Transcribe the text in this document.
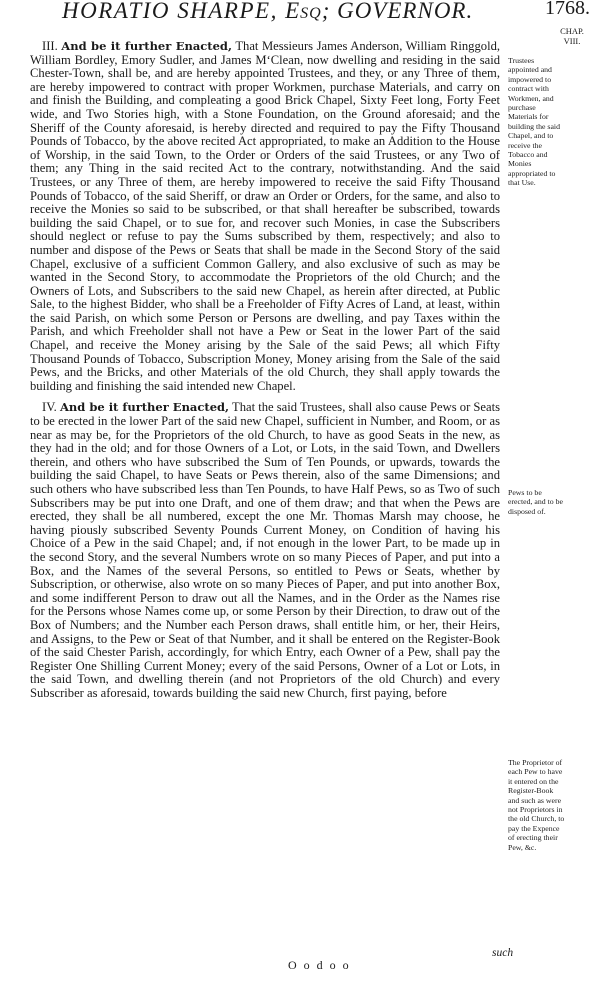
HORATIO SHARPE, Esq; GOVERNOR.	1768.
CHAP.
VIII.

III. And be it further Enacted, That Messieurs James Anderson, William Ringgold, William Bordley, Emory Sudler, and James M‘Clean, now dwelling and residing in the said Chester-Town, shall be, and are hereby appointed Trustees, and they, or any Three of them, are hereby impowered to contract with proper Workmen, purchase Materials, and carry on and finish the Building, and compleating a good Brick Chapel, Sixty Feet long, Forty Feet wide, and Two Stories high, with a Stone Foundation, on the Ground aforesaid; and the Sheriff of the County aforesaid, is hereby directed and required to pay the Fifty Thousand Pounds of Tobacco, by the above recited Act appropriated, to make an Addition to the House of Worship, in the said Town, to the Order or Orders of the said Trustees, or any Two of them; any Thing in the said recited Act to the contrary, notwithstanding. And the said Trustees, or any Three of them, are hereby impowered to receive the said Fifty Thousand Pounds of Tobacco, of the said Sheriff, or draw an Order or Orders, for the same, and also to receive the Monies so said to be subscribed, or that shall hereafter be subscribed, towards building the said Chapel, or to sue for, and recover such Monies, in case the Subscribers should neglect or refuse to pay the Sums subscribed by them, respectively; and also to number and dispose of the Pews or Seats that shall be made in the Second Story of the said Chapel, exclusive of a sufficient Common Gallery, and also exclusive of such as may be wanted in the Second Story, to accommodate the Proprietors of the old Church; and the Owners of Lots, and Subscribers to the said new Chapel, as herein after directed, at Public Sale, to the highest Bidder, who shall be a Freeholder of Fifty Acres of Land, at least, within the said Parish, on which some Person or Persons are dwelling, and pay Taxes within the Parish, and which Freeholder shall not have a Pew or Seat in the lower Part of the said Chapel, and receive the Money arising by the Sale of the said Pews; all which Fifty Thousand Pounds of Tobacco, Subscription Money, Money arising from the Sale of the said Pews, and the Bricks, and other Materials of the old Church, they shall apply towards the building and finishing the said intended new Chapel.

IV. And be it further Enacted, That the said Trustees, shall also cause Pews or Seats to be erected in the lower Part of the said new Chapel, sufficient in Number, and Room, or as near as may be, for the Proprietors of the old Church, to have as good Seats in the new, as they had in the old; and for those Owners of a Lot, or Lots, in the said Town, and Dwellers therein, and others who have subscribed the Sum of Ten Pounds, or upwards, towards the building the said Chapel, to have Seats or Pews therein, also of the same Dimensions; and such others who have subscribed less than Ten Pounds, to have Half Pews, so as Two of such Subscribers may be put into one Draft, and one of them draw; and that when the Pews are erected, they shall be all numbered, except the one Mr. Thomas Marsh may choose, he having piously subscribed Seventy Pounds Current Money, on Condition of having his Choice of a Pew in the said Chapel; and, if not enough in the lower Part, to be made up in the second Story, and the several Numbers wrote on so many Pieces of Paper, and put into a Box, and the Names of the several Persons, so entitled to Pews or Seats, whether by Subscription, or otherwise, also wrote on so many Pieces of Paper, and put into another Box, and some indifferent Person to draw out all the Names, and in the Order as the Names rise for the Persons whose Names come up, or some Person by their Direction, to draw out of the Box of Numbers; and the Number each Person draws, shall entitle him, or her, their Heirs, and Assigns, to the Pew or Seat of that Number, and it shall be entered on the Register-Book of the said Chester Parish, accordingly, for which Entry, each Owner of a Pew, shall pay the Register One Shilling Current Money; every of the said Persons, Owner of a Lot or Lots, in the said Town, and dwelling therein (and not Proprietors of the old Church) and every Subscriber as aforesaid, towards building the said new Church, first paying, before

Trustees appointed and impowered to contract with Workmen, and purchase Materials for building the said Chapel, and to receive the Tobacco and Monies appropriated to that Use.
Pews to be erected, and to be disposed of.
The Proprietor of each Pew to have it entered on the Register-Book and such as were not Proprietors in the old Church, to pay the Expence of erecting their Pew, &c.
such
O o d o o
